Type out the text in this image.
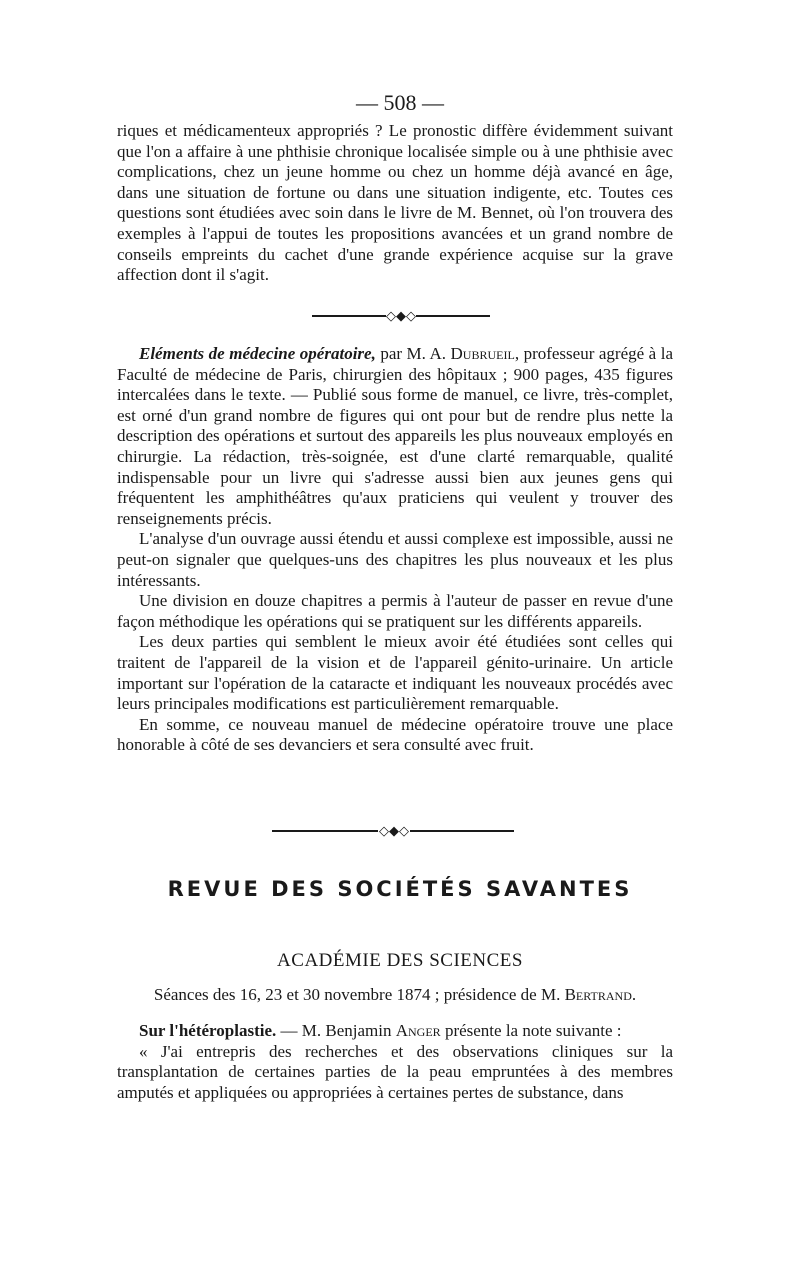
— 508 —

riques et médicamenteux appropriés ? Le pronostic diffère évidemment suivant que l'on a affaire à une phthisie chronique localisée simple ou à une phthisie avec complications, chez un jeune homme ou chez un homme déjà avancé en âge, dans une situation de fortune ou dans une situation indigente, etc. Toutes ces questions sont étudiées avec soin dans le livre de M. Bennet, où l'on trouvera des exemples à l'appui de toutes les propositions avancées et un grand nombre de conseils empreints du cachet d'une grande expérience acquise sur la grave affection dont il s'agit.

◇◆◇

Eléments de médecine opératoire, par M. A. Dubrueil, professeur agrégé à la Faculté de médecine de Paris, chirurgien des hôpitaux ; 900 pages, 435 figures intercalées dans le texte. — Publié sous forme de manuel, ce livre, très-complet, est orné d'un grand nombre de figures qui ont pour but de rendre plus nette la description des opérations et surtout des appareils les plus nouveaux employés en chirurgie. La rédaction, très-soignée, est d'une clarté remarquable, qualité indispensable pour un livre qui s'adresse aussi bien aux jeunes gens qui fréquentent les amphithéâtres qu'aux praticiens qui veulent y trouver des renseignements précis.

L'analyse d'un ouvrage aussi étendu et aussi complexe est impossible, aussi ne peut-on signaler que quelques-uns des chapitres les plus nouveaux et les plus intéressants.

Une division en douze chapitres a permis à l'auteur de passer en revue d'une façon méthodique les opérations qui se pratiquent sur les différents appareils.

Les deux parties qui semblent le mieux avoir été étudiées sont celles qui traitent de l'appareil de la vision et de l'appareil génito-urinaire. Un article important sur l'opération de la cataracte et indiquant les nouveaux procédés avec leurs principales modifications est particulièrement remarquable.

En somme, ce nouveau manuel de médecine opératoire trouve une place honorable à côté de ses devanciers et sera consulté avec fruit.

◇◆◇
REVUE DES SOCIÉTÉS SAVANTES
ACADÉMIE DES SCIENCES
Séances des 16, 23 et 30 novembre 1874 ; présidence de M. Bertrand.

Sur l'hétéroplastie. — M. Benjamin Anger présente la note suivante :

« J'ai entrepris des recherches et des observations cliniques sur la transplantation de certaines parties de la peau empruntées à des membres amputés et appliquées ou appropriées à certaines pertes de substance, dans
